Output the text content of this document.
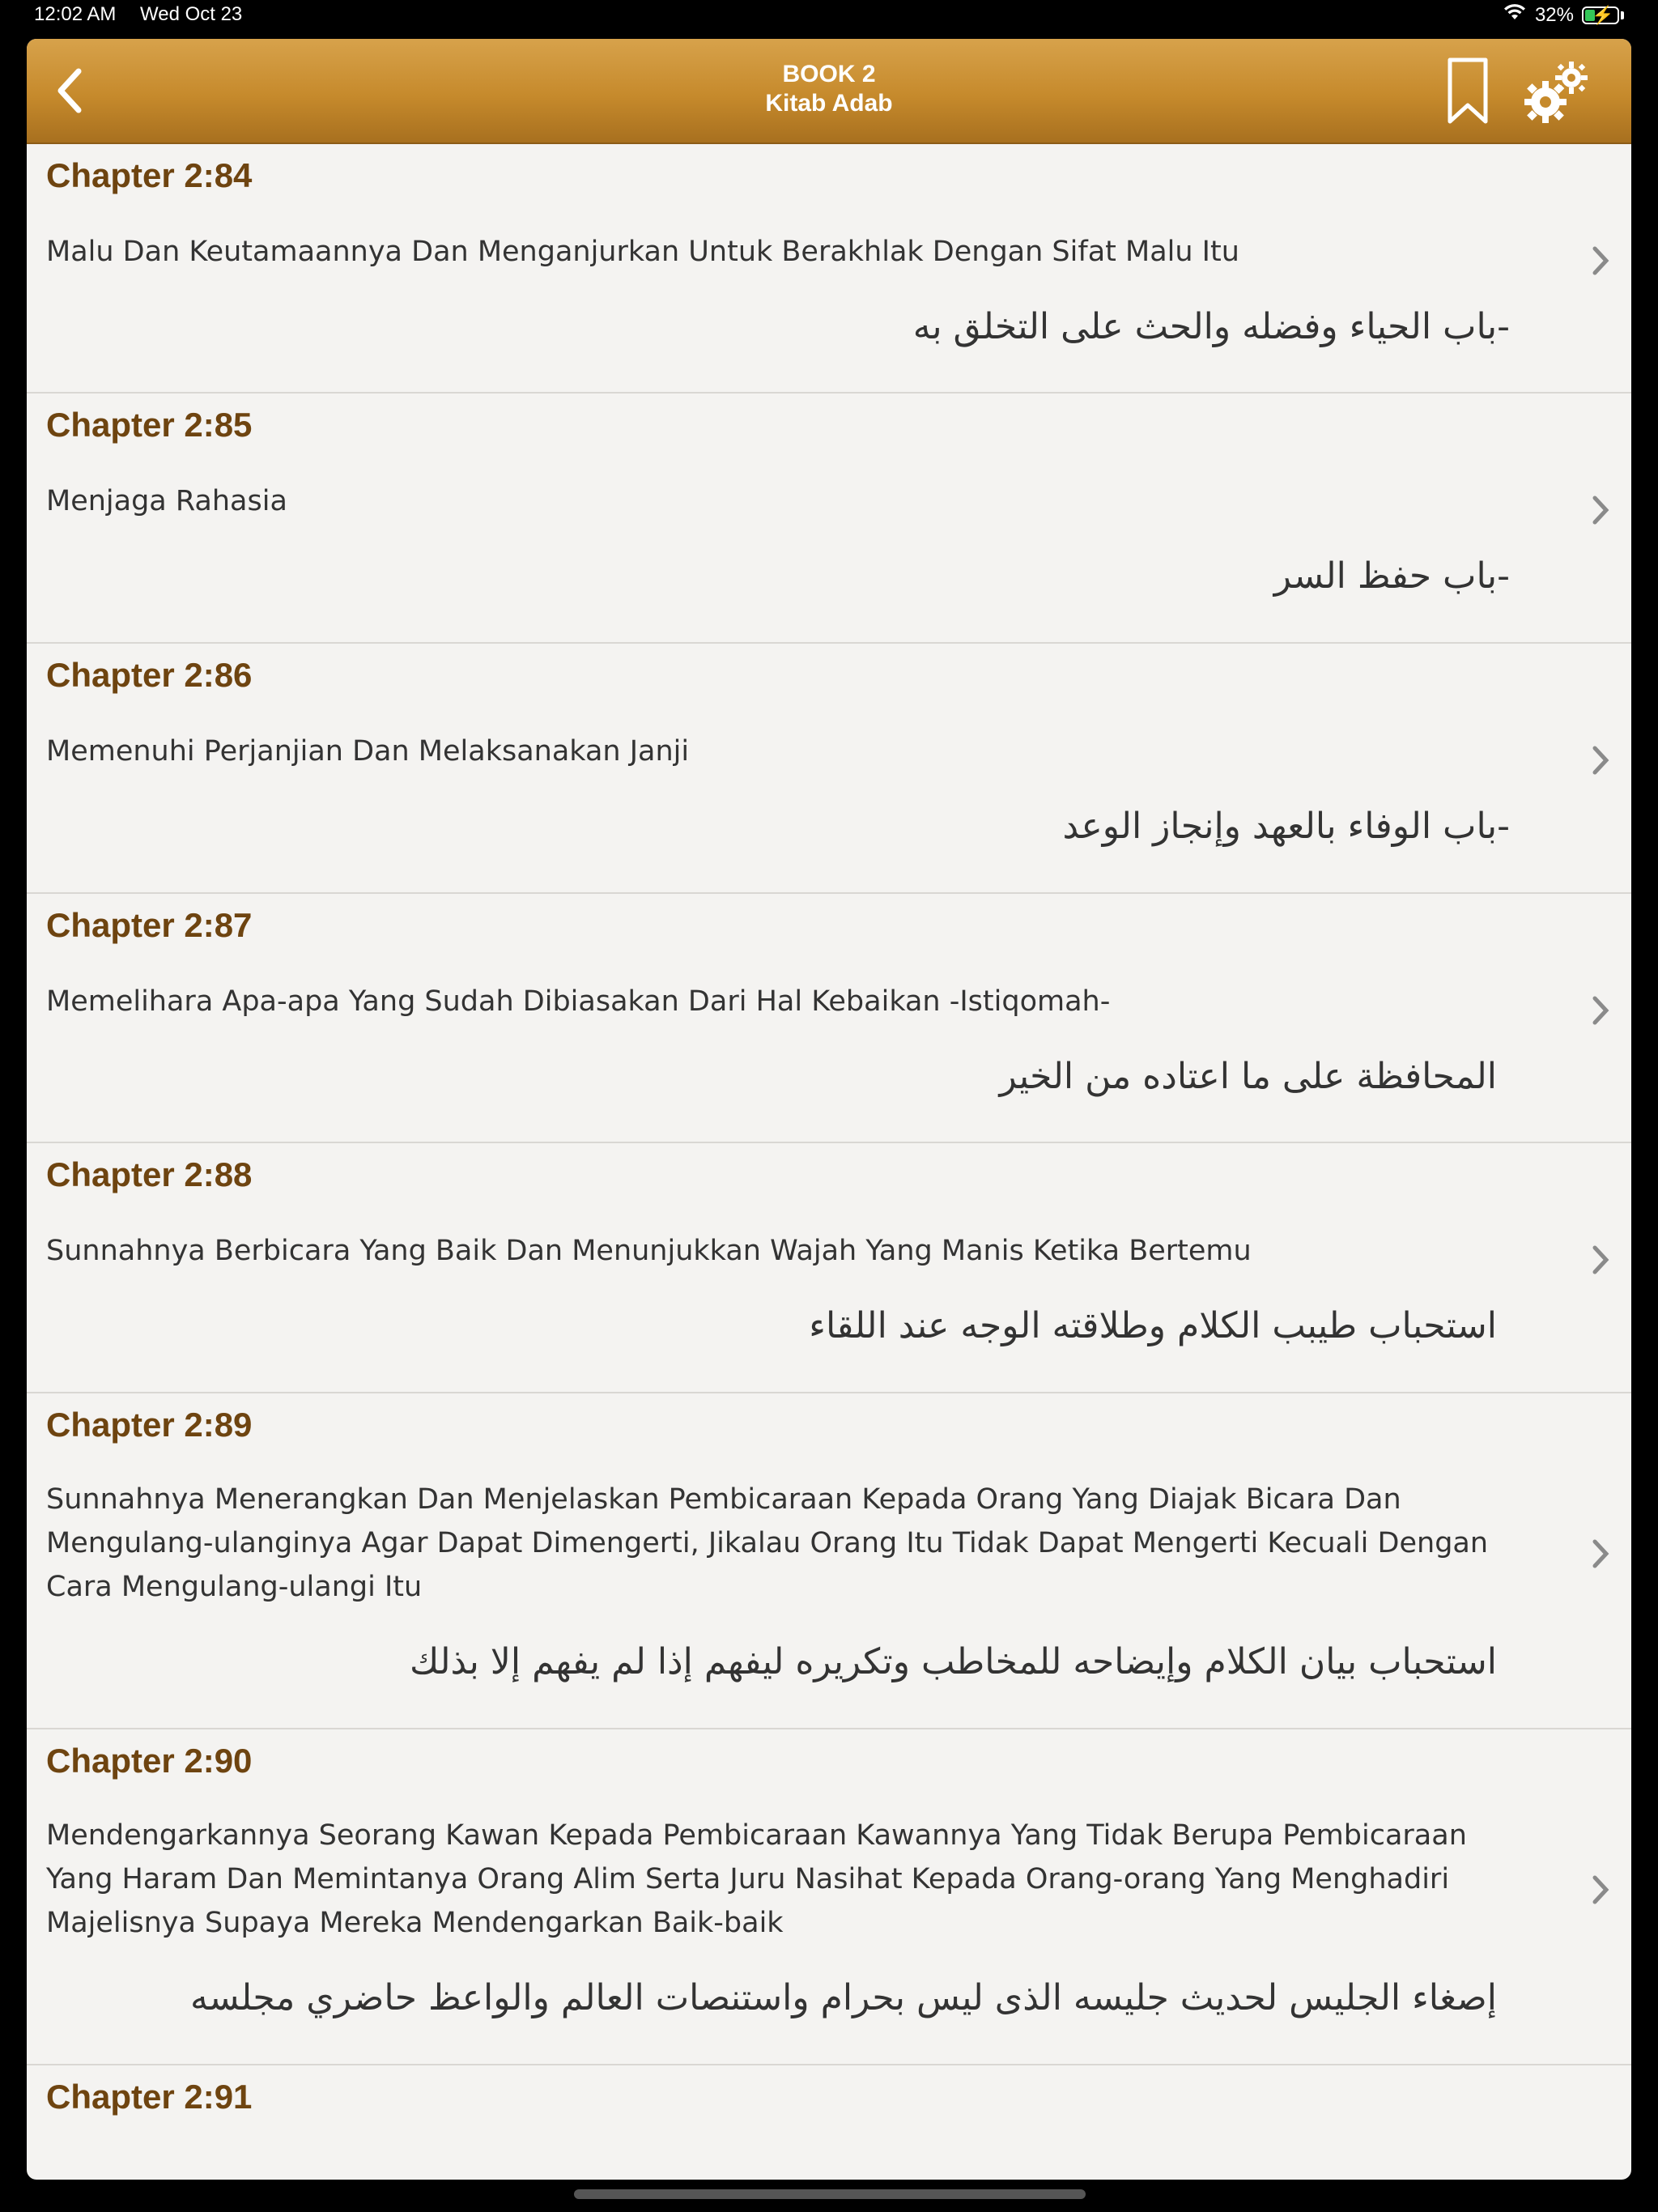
12:02 AM Wed Oct 23	32% ⚡
BOOK 2
Kitab Adab
Chapter 2:84
Malu Dan Keutamaannya Dan Menganjurkan Untuk Berakhlak Dengan Sifat Malu Itu
-باب الحياء وفضله والحث على التخلق به
Chapter 2:85
Menjaga Rahasia
-باب حفظ السر
Chapter 2:86
Memenuhi Perjanjian Dan Melaksanakan Janji
-باب الوفاء بالعهد وإنجاز الوعد
Chapter 2:87
Memelihara Apa-apa Yang Sudah Dibiasakan Dari Hal Kebaikan -Istiqomah-
المحافظة على ما اعتاده من الخير
Chapter 2:88
Sunnahnya Berbicara Yang Baik Dan Menunjukkan Wajah Yang Manis Ketika Bertemu
استحباب طيبب الكلام وطلاقته الوجه عند اللقاء
Chapter 2:89
Sunnahnya Menerangkan Dan Menjelaskan Pembicaraan Kepada Orang Yang Diajak Bicara Dan Mengulang-ulanginya Agar Dapat Dimengerti, Jikalau Orang Itu Tidak Dapat Mengerti Kecuali Dengan Cara Mengulang-ulangi Itu
استحباب بيان الكلام وإيضاحه للمخاطب وتكريره ليفهم إذا لم يفهم إلا بذلك
Chapter 2:90
Mendengarkannya Seorang Kawan Kepada Pembicaraan Kawannya Yang Tidak Berupa Pembicaraan Yang Haram Dan Memintanya Orang Alim Serta Juru Nasihat Kepada Orang-orang Yang Menghadiri Majelisnya Supaya Mereka Mendengarkan Baik-baik
إصغاء الجليس لحديث جليسه الذى ليس بحرام واستنصات العالم والواعظ حاضري مجلسه
Chapter 2:91
